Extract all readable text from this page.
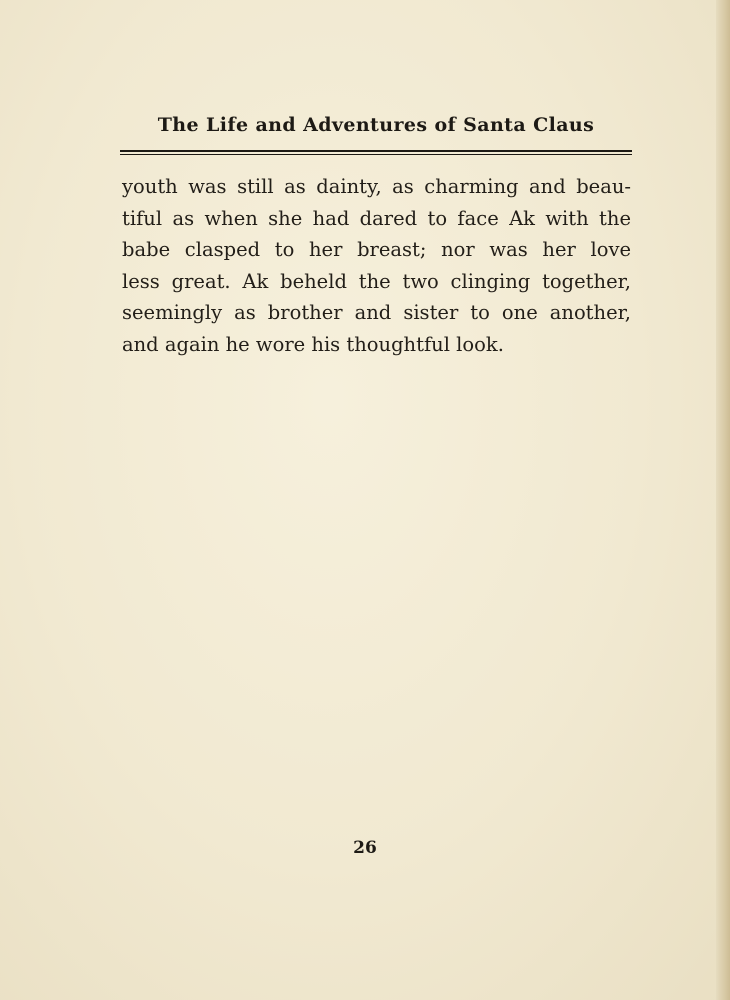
The Life and Adventures of Santa Claus
youth was still as dainty, as charming and beau-
tiful as when she had dared to face Ak with the
babe clasped to her breast; nor was her love
less great. Ak beheld the two clinging together,
seemingly as brother and sister to one another,
and again he wore his thoughtful look.
26
